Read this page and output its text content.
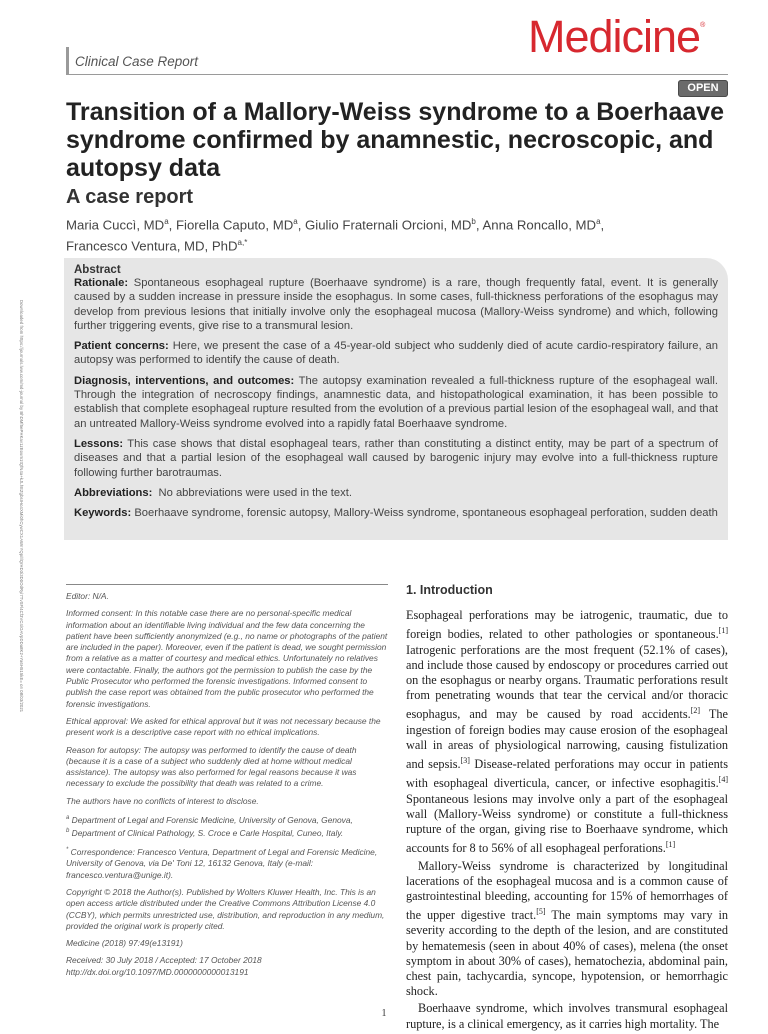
Downloaded from https://journals.lww.com/md-journal by BhDMf5ePHKav1zEoum1tQfN4a+kJLhEZgbsIHo4XMi0hCywCX1AWnYQp/IlQrHD3i3D0OdRyi7TvSFl4Cf3VC4/OAVpDDa8K2+Ya6H515kE= on 08/03/2021
Clinical Case Report	Medicine®
OPEN
Transition of a Mallory-Weiss syndrome to a Boerhaave syndrome confirmed by anamnestic, necroscopic, and autopsy data
A case report
Maria Cuccì, $MD^a$, Fiorella Caputo, $MD^a$, Giulio Fraternali Orcioni, $MD^b$, Anna Roncallo, $MD^a$,
Francesco Ventura, MD, PhD$^{a,*}$

Abstract

Rationale: Spontaneous esophageal rupture (Boerhaave syndrome) is a rare, though frequently fatal, event. It is generally caused by a sudden increase in pressure inside the esophagus. In some cases, full-thickness perforations of the esophagus may develop from previous lesions that initially involve only the esophageal mucosa (Mallory-Weiss syndrome) and which, following further triggering events, give rise to a transmural lesion.

Patient concerns: Here, we present the case of a 45-year-old subject who suddenly died of acute cardio-respiratory failure, an autopsy was performed to identify the cause of death.

Diagnosis, interventions, and outcomes: The autopsy examination revealed a full-thickness rupture of the esophageal wall. Through the integration of necroscopy findings, anamnestic data, and histopathological examination, it has been possible to establish that complete esophageal rupture resulted from the evolution of a previous partial lesion of the esophageal wall, and that an untreated Mallory-Weiss syndrome evolved into a rapidly fatal Boerhaave syndrome.

Lessons: This case shows that distal esophageal tears, rather than constituting a distinct entity, may be part of a spectrum of diseases and that a partial lesion of the esophageal wall caused by barogenic injury may evolve into a full-thickness rupture following further barotraumas.

Abbreviations: No abbreviations were used in the text.

Keywords: Boerhaave syndrome, forensic autopsy, Mallory-Weiss syndrome, spontaneous esophageal perforation, sudden death

Editor: N/A.

Informed consent: In this notable case there are no personal-specific medical information about an identifiable living individual and the few data concerning the patient have been sufficiently anonymized (e.g., no name or photographs of the patient are included in the paper). Moreover, even if the patient is dead, we sought permission from a relative as a matter of courtesy and medical ethics. Unfortunately no relatives were contactable. Finally, the authors got the permission to publish the case by the Public Prosecutor who performed the forensic investigations. Informed consent to publish the case report was obtained from the public prosecutor who performed the forensic investigations.

Ethical approval: We asked for ethical approval but it was not necessary because the present work is a descriptive case report with no ethical implications.

Reason for autopsy: The autopsy was performed to identify the cause of death (because it is a case of a subject who suddenly died at home without medical assistance). The autopsy was also performed for legal reasons because it was necessary to exclude the possibility that death was related to a crime.

The authors have no conflicts of interest to disclose.

$^a$ Department of Legal and Forensic Medicine, University of Genova, Genova,

$^b$ Department of Clinical Pathology, S. Croce e Carle Hospital, Cuneo, Italy.

* Correspondence: Francesco Ventura, Department of Legal and Forensic Medicine, University of Genova, via De' Toni 12, 16132 Genova, Italy (e-mail: francesco.ventura@unige.it).

Copyright © 2018 the Author(s). Published by Wolters Kluwer Health, Inc. This is an open access article distributed under the Creative Commons Attribution License 4.0 (CCBY), which permits unrestricted use, distribution, and reproduction in any medium, provided the original work is properly cited.

Medicine (2018) 97:49(e13191)

Received: 30 July 2018 / Accepted: 17 October 2018

http://dx.doi.org/10.1097/MD.0000000000013191

1. Introduction

Esophageal perforations may be iatrogenic, traumatic, due to foreign bodies, related to other pathologies or spontaneous.[1] Iatrogenic perforations are the most frequent (52.1% of cases), and include those caused by endoscopy or procedures carried out on the esophagus or nearby organs. Traumatic perforations result from penetrating wounds that tear the cervical and/or thoracic esophagus, and may be caused by road accidents.[2] The ingestion of foreign bodies may cause erosion of the esophageal wall in areas of physiological narrowing, causing fistulization and sepsis.[3] Disease-related perforations may occur in patients with esophageal diverticula, cancer, or infective esophagitis.[4] Spontaneous lesions may involve only a part of the esophageal wall (Mallory-Weiss syndrome) or constitute a full-thickness rupture of the organ, giving rise to Boerhaave syndrome, which accounts for 8 to 56% of all esophageal perforations.[1]

Mallory-Weiss syndrome is characterized by longitudinal lacerations of the esophageal mucosa and is a common cause of gastrointestinal bleeding, accounting for 15% of hemorrhages of the upper digestive tract.[5] The main symptoms may vary in severity according to the depth of the lesion, and are constituted by hematemesis (seen in about 40% of cases), melena (the onset symptom in about 30% of cases), hematochezia, abdominal pain, chest pain, tachycardia, syncope, hypotension, or hemorrhagic shock.

Boerhaave syndrome, which involves transmural esophageal rupture, is a clinical emergency, as it carries high mortality. The

1
